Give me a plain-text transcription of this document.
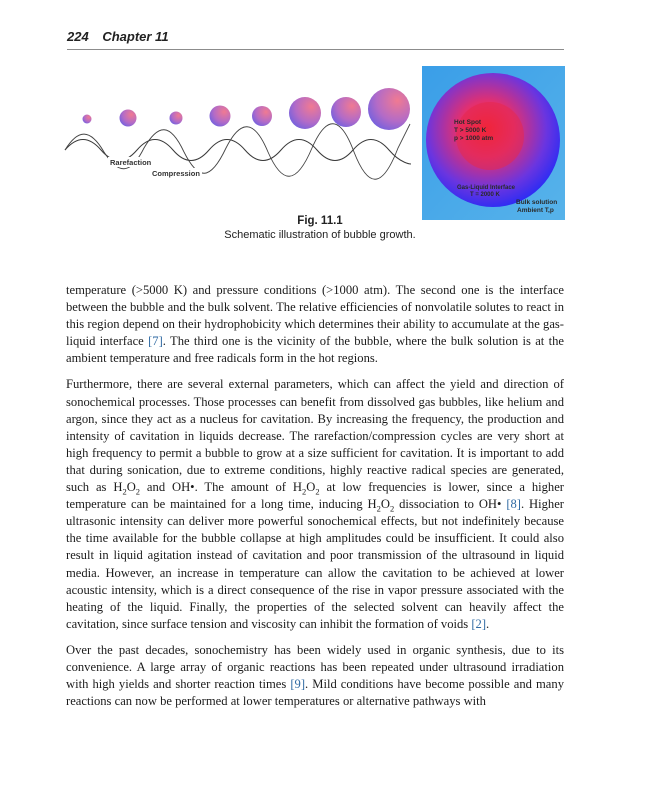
224 Chapter 11
Rarefaction
Compression
Hot Spot
T > 5000 K
p > 1000 atm
Gas-Liquid Interface
T = 2000 K
Bulk solution
Ambient T,p
Fig. 11.1
Schematic illustration of bubble growth.

temperature (>5000 K) and pressure conditions (>1000 atm). The second one is the interface between the bubble and the bulk solvent. The relative efficiencies of nonvolatile solutes to react in this region depend on their hydrophobicity which determines their ability to accumulate at the gas-liquid interface [7]. The third one is the vicinity of the bubble, where the bulk solution is at the ambient temperature and free radicals form in the hot regions.

Furthermore, there are several external parameters, which can affect the yield and direction of sonochemical processes. Those processes can benefit from dissolved gas bubbles, like helium and argon, since they act as a nucleus for cavitation. By increasing the frequency, the production and intensity of cavitation in liquids decrease. The rarefaction/compression cycles are very short at high frequency to permit a bubble to grow at a size sufficient for cavitation. It is important to add that during sonication, due to extreme conditions, highly reactive radical species are generated, such as $H_2O_2$ and OH•. The amount of $H_2O_2$ at low frequencies is lower, since a higher temperature can be maintained for a long time, inducing $H_2O_2$ dissociation to OH• [8]. Higher ultrasonic intensity can deliver more powerful sonochemical effects, but not indefinitely because the time available for the bubble collapse at high amplitudes could be insufficient. It could also result in liquid agitation instead of cavitation and poor transmission of the ultrasound in liquid media. However, an increase in temperature can allow the cavitation to be achieved at lower acoustic intensity, which is a direct consequence of the rise in vapor pressure associated with the heating of the liquid. Finally, the properties of the selected solvent can heavily affect the cavitation, since surface tension and viscosity can inhibit the formation of voids [2].

Over the past decades, sonochemistry has been widely used in organic synthesis, due to its convenience. A large array of organic reactions has been repeated under ultrasound irradiation with high yields and shorter reaction times [9]. Mild conditions have become possible and many reactions can now be performed at lower temperatures or alternative pathways with
